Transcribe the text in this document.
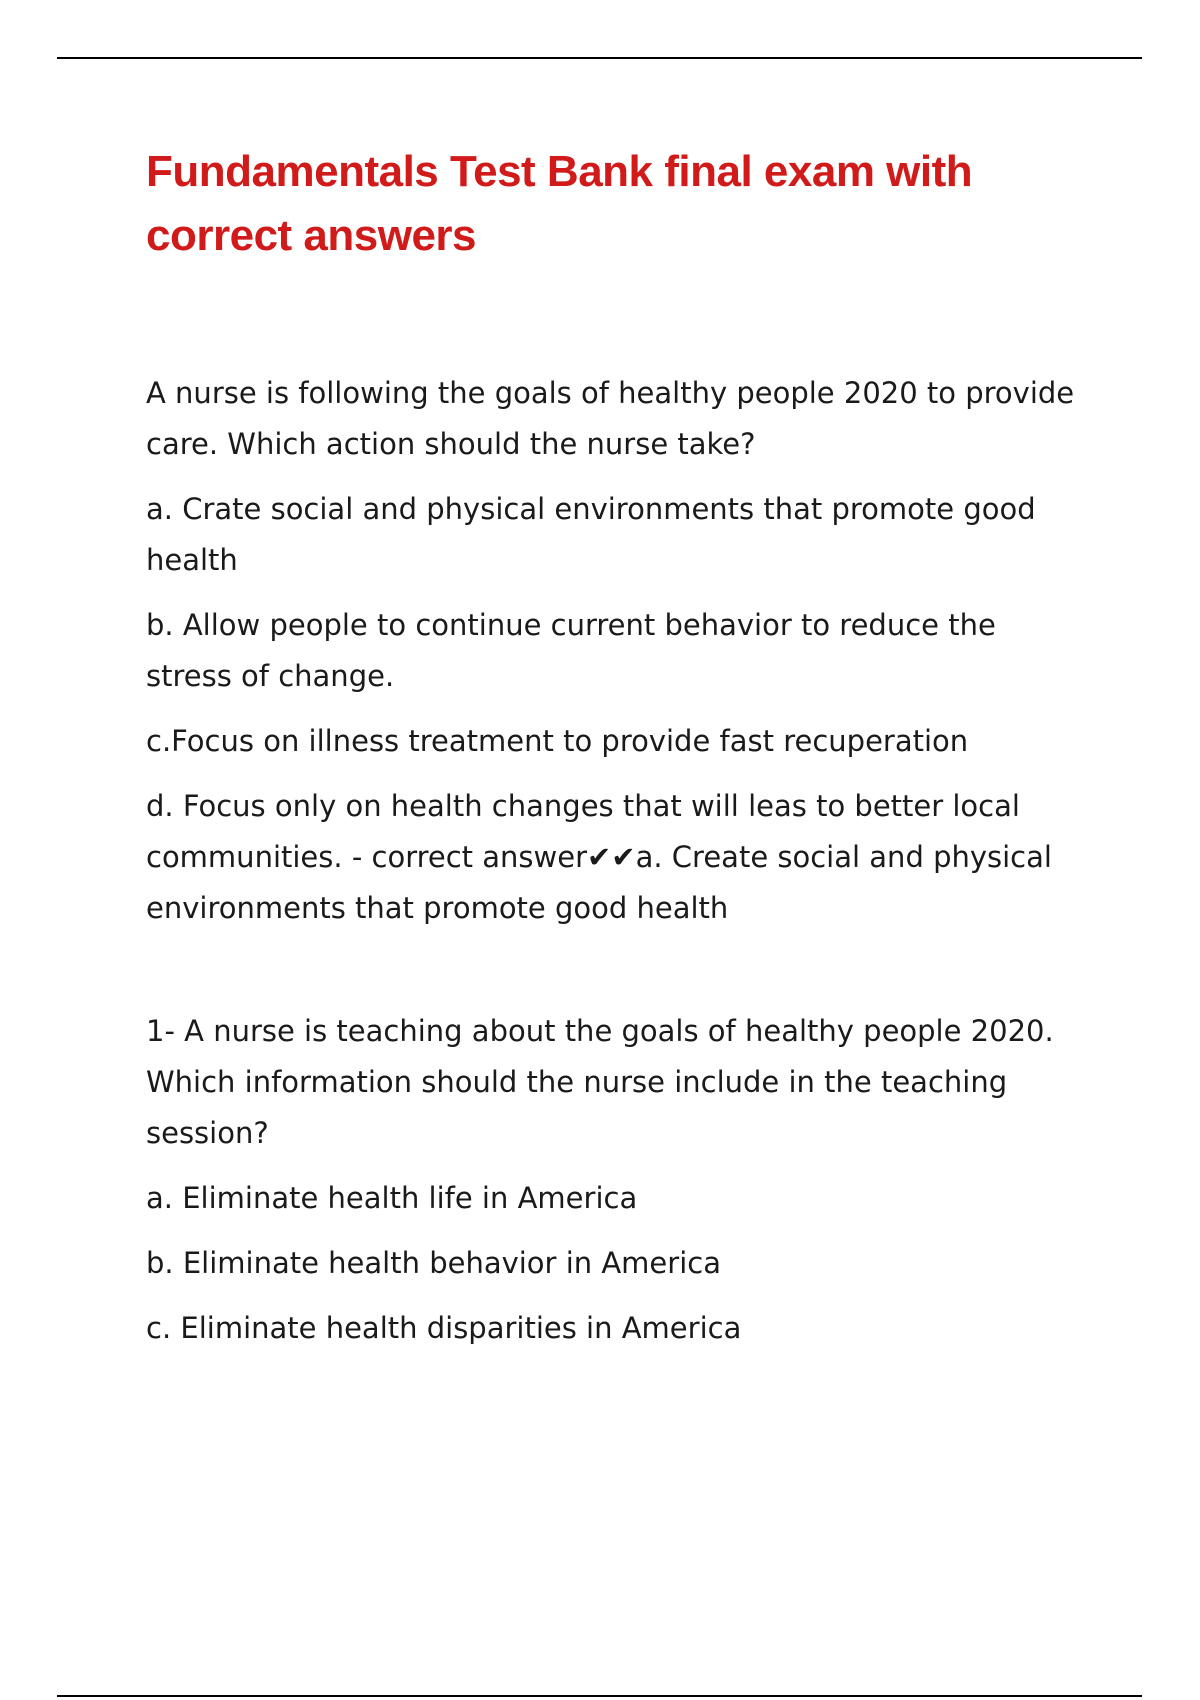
Fundamentals Test Bank final exam with correct answers

A nurse is following the goals of healthy people 2020 to provide care. Which action should the nurse take?

a. Crate social and physical environments that promote good health

b. Allow people to continue current behavior to reduce the stress of change.

c.Focus on illness treatment to provide fast recuperation

d. Focus only on health changes that will leas to better local communities. - correct answer✔✔a. Create social and physical environments that promote good health

1- A nurse is teaching about the goals of healthy people 2020. Which information should the nurse include in the teaching session?

a. Eliminate health life in America

b. Eliminate health behavior in America

c. Eliminate health disparities in America
